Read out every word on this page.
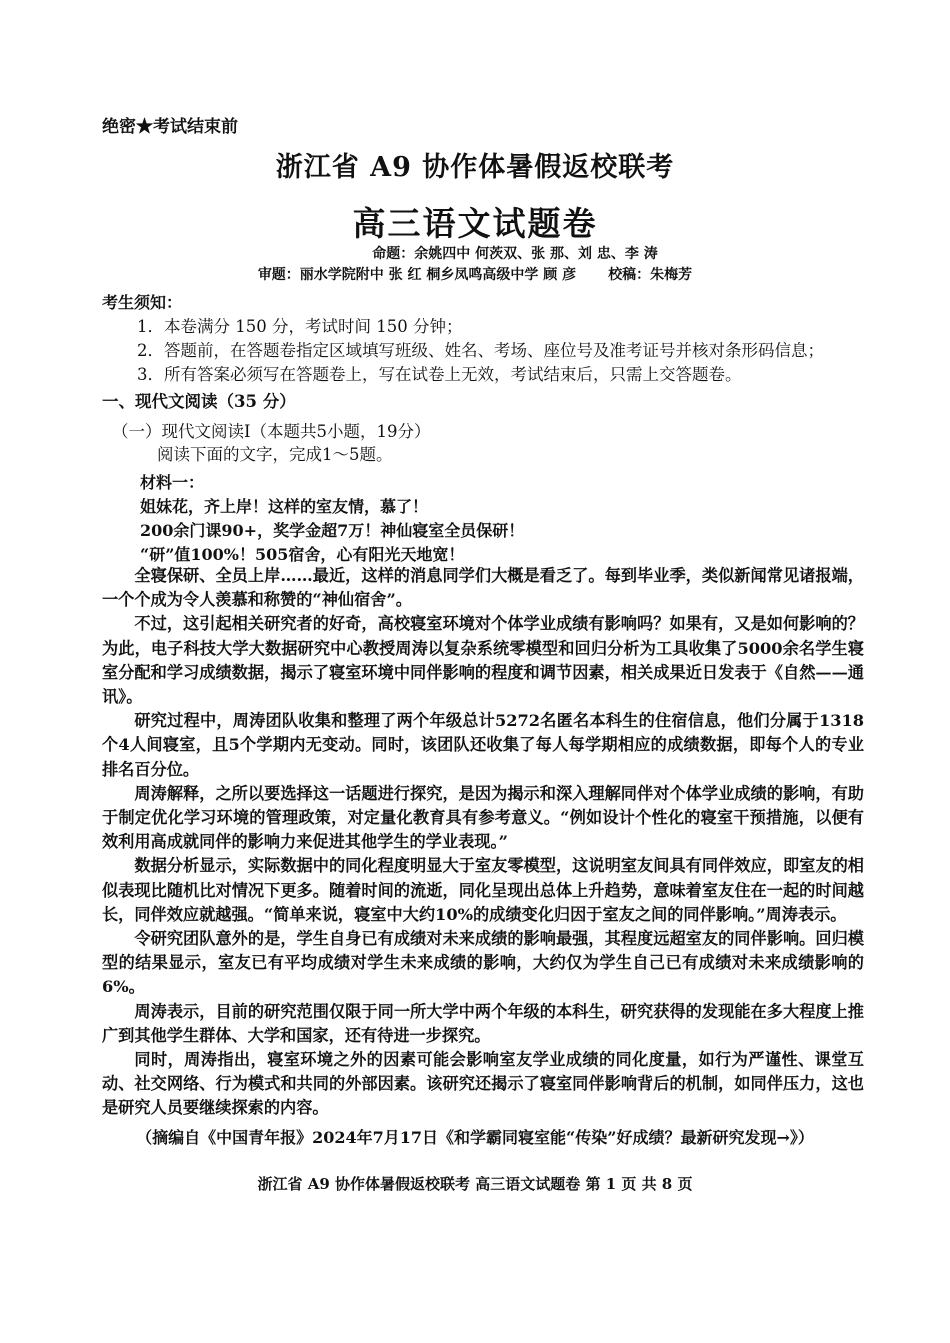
绝密★考试结束前
浙江省 A9 协作体暑假返校联考
高三语文试题卷
命题：余姚四中 何茨双、张 那、刘 忠、李 涛
审题：丽水学院附中 张 红 桐乡凤鸣高级中学 顾 彦 校稿：朱梅芳
考生须知：
1．本卷满分 150 分，考试时间 150 分钟；
2．答题前，在答题卷指定区域填写班级、姓名、考场、座位号及准考证号并核对条形码信息；
3．所有答案必须写在答题卷上，写在试卷上无效，考试结束后，只需上交答题卷。
一、现代文阅读（35 分）
（一）现代文阅读Ⅰ（本题共5小题，19分）
阅读下面的文字，完成1～5题。
材料一：
姐妹花，齐上岸！这样的室友情，慕了！
200余门课90+，奖学金超7万！神仙寝室全员保研！
“研”值100%！505宿舍，心有阳光天地宽！

全寝保研、全员上岸……最近，这样的消息同学们大概是看乏了。每到毕业季，类似新闻常见诸报端，一个个成为令人羡慕和称赞的“神仙宿舍”。

不过，这引起相关研究者的好奇，高校寝室环境对个体学业成绩有影响吗？如果有，又是如何影响的？为此，电子科技大学大数据研究中心教授周涛以复杂系统零模型和回归分析为工具收集了5000余名学生寝室分配和学习成绩数据，揭示了寝室环境中同伴影响的程度和调节因素，相关成果近日发表于《自然——通讯》。

研究过程中，周涛团队收集和整理了两个年级总计5272名匿名本科生的住宿信息，他们分属于1318个4人间寝室，且5个学期内无变动。同时，该团队还收集了每人每学期相应的成绩数据，即每个人的专业排名百分位。

周涛解释，之所以要选择这一话题进行探究，是因为揭示和深入理解同伴对个体学业成绩的影响，有助于制定优化学习环境的管理政策，对定量化教育具有参考意义。“例如设计个性化的寝室干预措施，以便有效利用高成就同伴的影响力来促进其他学生的学业表现。”

数据分析显示，实际数据中的同化程度明显大于室友零模型，这说明室友间具有同伴效应，即室友的相似表现比随机比对情况下更多。随着时间的流逝，同化呈现出总体上升趋势，意味着室友住在一起的时间越长，同伴效应就越强。“简单来说，寝室中大约10%的成绩变化归因于室友之间的同伴影响。”周涛表示。

令研究团队意外的是，学生自身已有成绩对未来成绩的影响最强，其程度远超室友的同伴影响。回归模型的结果显示，室友已有平均成绩对学生未来成绩的影响，大约仅为学生自己已有成绩对未来成绩影响的6%。

周涛表示，目前的研究范围仅限于同一所大学中两个年级的本科生，研究获得的发现能在多大程度上推广到其他学生群体、大学和国家，还有待进一步探究。

同时，周涛指出，寝室环境之外的因素可能会影响室友学业成绩的同化度量，如行为严谨性、课堂互动、社交网络、行为模式和共同的外部因素。该研究还揭示了寝室同伴影响背后的机制，如同伴压力，这也是研究人员要继续探索的内容。

（摘编自《中国青年报》2024年7月17日《和学霸同寝室能“传染”好成绩？最新研究发现→》）
浙江省 A9 协作体暑假返校联考 高三语文试题卷 第 1 页 共 8 页
